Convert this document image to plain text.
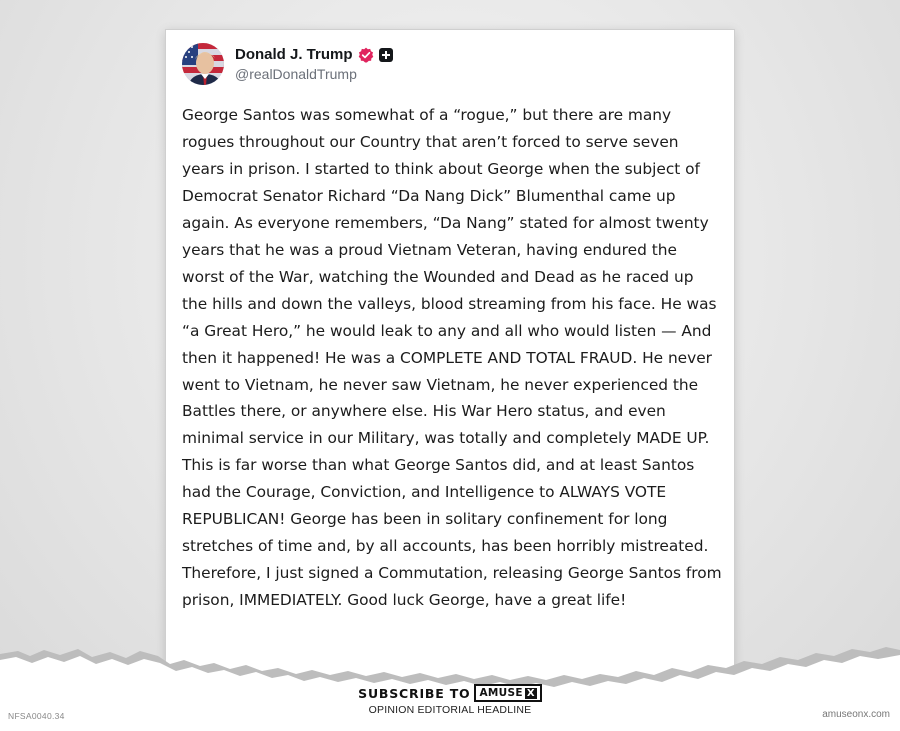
Donald J. Trump
@realDonaldTrump

George Santos was somewhat of a “rogue,” but there are many rogues throughout our Country that aren’t forced to serve seven years in prison. I started to think about George when the subject of Democrat Senator Richard “Da Nang Dick” Blumenthal came up again. As everyone remembers, “Da Nang” stated for almost twenty years that he was a proud Vietnam Veteran, having endured the worst of the War, watching the Wounded and Dead as he raced up the hills and down the valleys, blood streaming from his face. He was “a Great Hero,” he would leak to any and all who would listen — And then it happened! He was a COMPLETE AND TOTAL FRAUD. He never went to Vietnam, he never saw Vietnam, he never experienced the Battles there, or anywhere else. His War Hero status, and even minimal service in our Military, was totally and completely MADE UP. This is far worse than what George Santos did, and at least Santos had the Courage, Conviction, and Intelligence to ALWAYS VOTE REPUBLICAN! George has been in solitary confinement for long stretches of time and, by all accounts, has been horribly mistreated. Therefore, I just signed a Commutation, releasing George Santos from prison, IMMEDIATELY. Good luck George, have a great life!

SUBSCRIBE TO AMUSE X
OPINION EDITORIAL HEADLINE
NFSA0040.34	amuseonx.com
